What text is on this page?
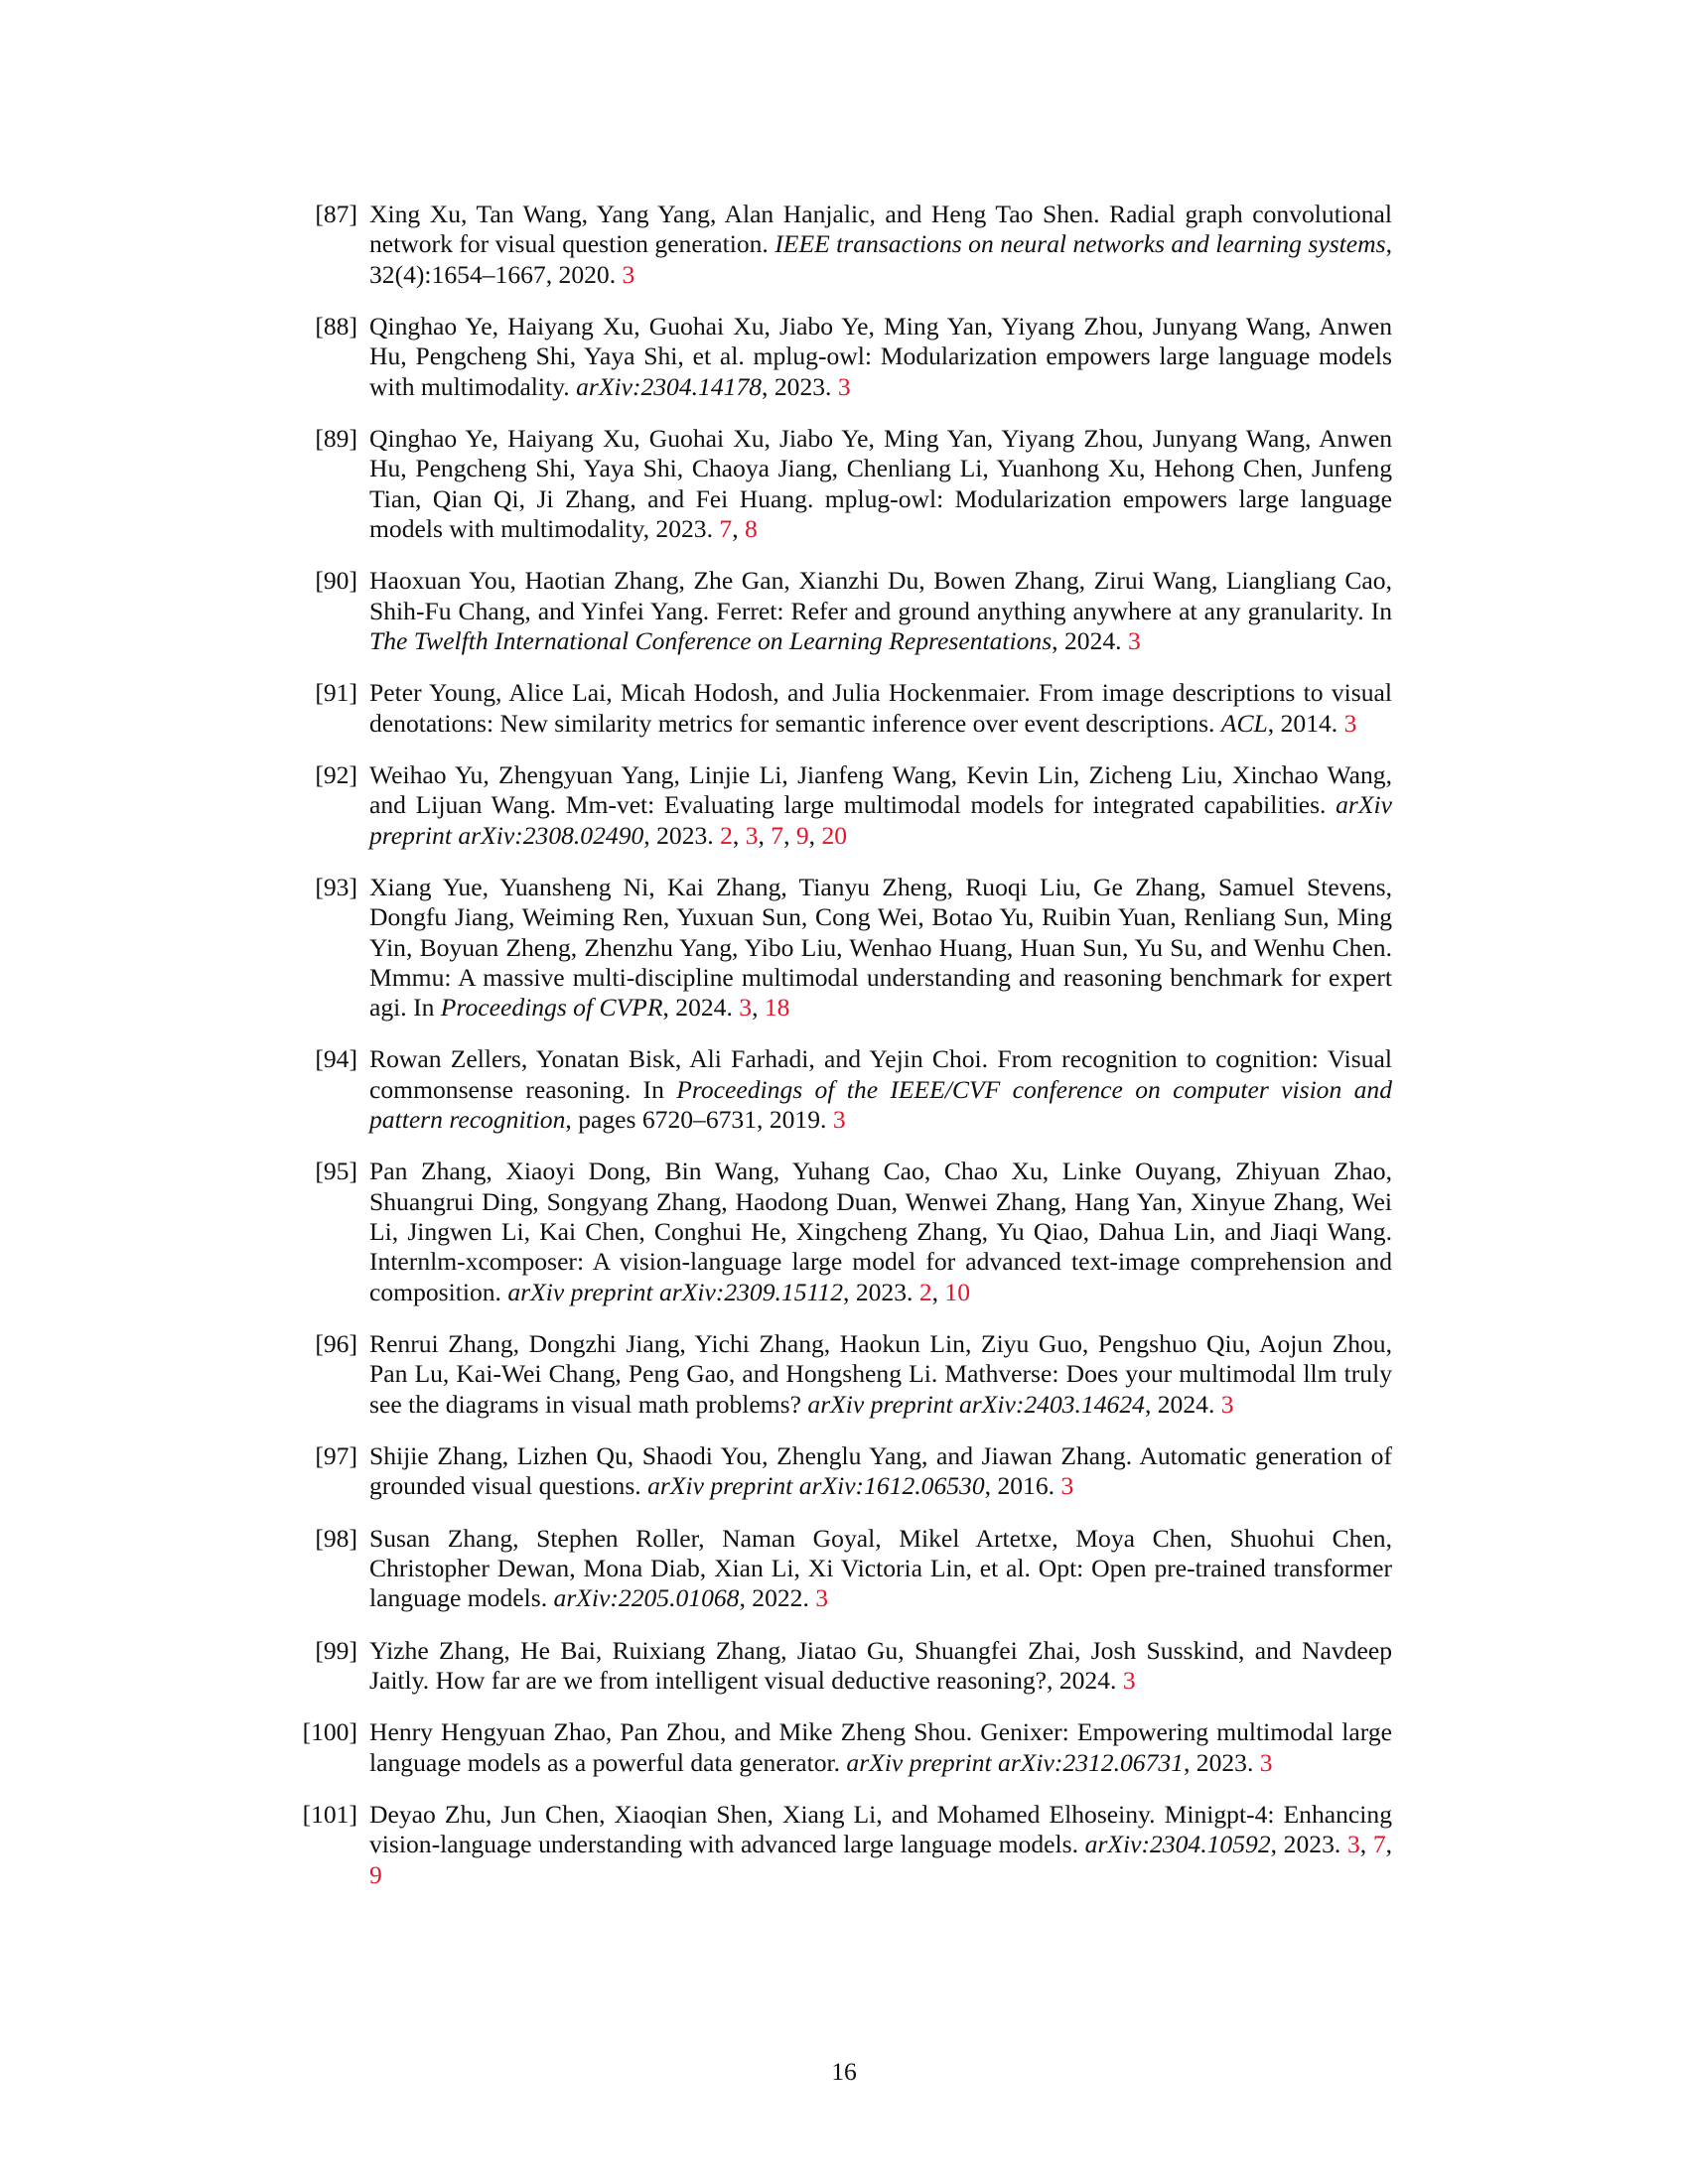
[87] Xing Xu, Tan Wang, Yang Yang, Alan Hanjalic, and Heng Tao Shen. Radial graph convolutional network for visual question generation. IEEE transactions on neural networks and learning systems, 32(4):1654–1667, 2020. 3
[88] Qinghao Ye, Haiyang Xu, Guohai Xu, Jiabo Ye, Ming Yan, Yiyang Zhou, Junyang Wang, Anwen Hu, Pengcheng Shi, Yaya Shi, et al. mplug-owl: Modularization empowers large language models with multimodality. arXiv:2304.14178, 2023. 3
[89] Qinghao Ye, Haiyang Xu, Guohai Xu, Jiabo Ye, Ming Yan, Yiyang Zhou, Junyang Wang, Anwen Hu, Pengcheng Shi, Yaya Shi, Chaoya Jiang, Chenliang Li, Yuanhong Xu, Hehong Chen, Junfeng Tian, Qian Qi, Ji Zhang, and Fei Huang. mplug-owl: Modularization empowers large language models with multimodality, 2023. 7, 8
[90] Haoxuan You, Haotian Zhang, Zhe Gan, Xianzhi Du, Bowen Zhang, Zirui Wang, Liangliang Cao, Shih-Fu Chang, and Yinfei Yang. Ferret: Refer and ground anything anywhere at any granularity. In The Twelfth International Conference on Learning Representations, 2024. 3
[91] Peter Young, Alice Lai, Micah Hodosh, and Julia Hockenmaier. From image descriptions to visual denotations: New similarity metrics for semantic inference over event descriptions. ACL, 2014. 3
[92] Weihao Yu, Zhengyuan Yang, Linjie Li, Jianfeng Wang, Kevin Lin, Zicheng Liu, Xinchao Wang, and Lijuan Wang. Mm-vet: Evaluating large multimodal models for integrated capabilities. arXiv preprint arXiv:2308.02490, 2023. 2, 3, 7, 9, 20
[93] Xiang Yue, Yuansheng Ni, Kai Zhang, Tianyu Zheng, Ruoqi Liu, Ge Zhang, Samuel Stevens, Dongfu Jiang, Weiming Ren, Yuxuan Sun, Cong Wei, Botao Yu, Ruibin Yuan, Renliang Sun, Ming Yin, Boyuan Zheng, Zhenzhu Yang, Yibo Liu, Wenhao Huang, Huan Sun, Yu Su, and Wenhu Chen. Mmmu: A massive multi-discipline multimodal understanding and reasoning benchmark for expert agi. In Proceedings of CVPR, 2024. 3, 18
[94] Rowan Zellers, Yonatan Bisk, Ali Farhadi, and Yejin Choi. From recognition to cognition: Visual commonsense reasoning. In Proceedings of the IEEE/CVF conference on computer vision and pattern recognition, pages 6720–6731, 2019. 3
[95] Pan Zhang, Xiaoyi Dong, Bin Wang, Yuhang Cao, Chao Xu, Linke Ouyang, Zhiyuan Zhao, Shuangrui Ding, Songyang Zhang, Haodong Duan, Wenwei Zhang, Hang Yan, Xinyue Zhang, Wei Li, Jingwen Li, Kai Chen, Conghui He, Xingcheng Zhang, Yu Qiao, Dahua Lin, and Jiaqi Wang. Internlm-xcomposer: A vision-language large model for advanced text-image comprehension and composition. arXiv preprint arXiv:2309.15112, 2023. 2, 10
[96] Renrui Zhang, Dongzhi Jiang, Yichi Zhang, Haokun Lin, Ziyu Guo, Pengshuo Qiu, Aojun Zhou, Pan Lu, Kai-Wei Chang, Peng Gao, and Hongsheng Li. Mathverse: Does your multimodal llm truly see the diagrams in visual math problems? arXiv preprint arXiv:2403.14624, 2024. 3
[97] Shijie Zhang, Lizhen Qu, Shaodi You, Zhenglu Yang, and Jiawan Zhang. Automatic generation of grounded visual questions. arXiv preprint arXiv:1612.06530, 2016. 3
[98] Susan Zhang, Stephen Roller, Naman Goyal, Mikel Artetxe, Moya Chen, Shuohui Chen, Christopher Dewan, Mona Diab, Xian Li, Xi Victoria Lin, et al. Opt: Open pre-trained transformer language models. arXiv:2205.01068, 2022. 3
[99] Yizhe Zhang, He Bai, Ruixiang Zhang, Jiatao Gu, Shuangfei Zhai, Josh Susskind, and Navdeep Jaitly. How far are we from intelligent visual deductive reasoning?, 2024. 3
[100] Henry Hengyuan Zhao, Pan Zhou, and Mike Zheng Shou. Genixer: Empowering multimodal large language models as a powerful data generator. arXiv preprint arXiv:2312.06731, 2023. 3
[101] Deyao Zhu, Jun Chen, Xiaoqian Shen, Xiang Li, and Mohamed Elhoseiny. Minigpt-4: Enhancing vision-language understanding with advanced large language models. arXiv:2304.10592, 2023. 3, 7, 9
16
